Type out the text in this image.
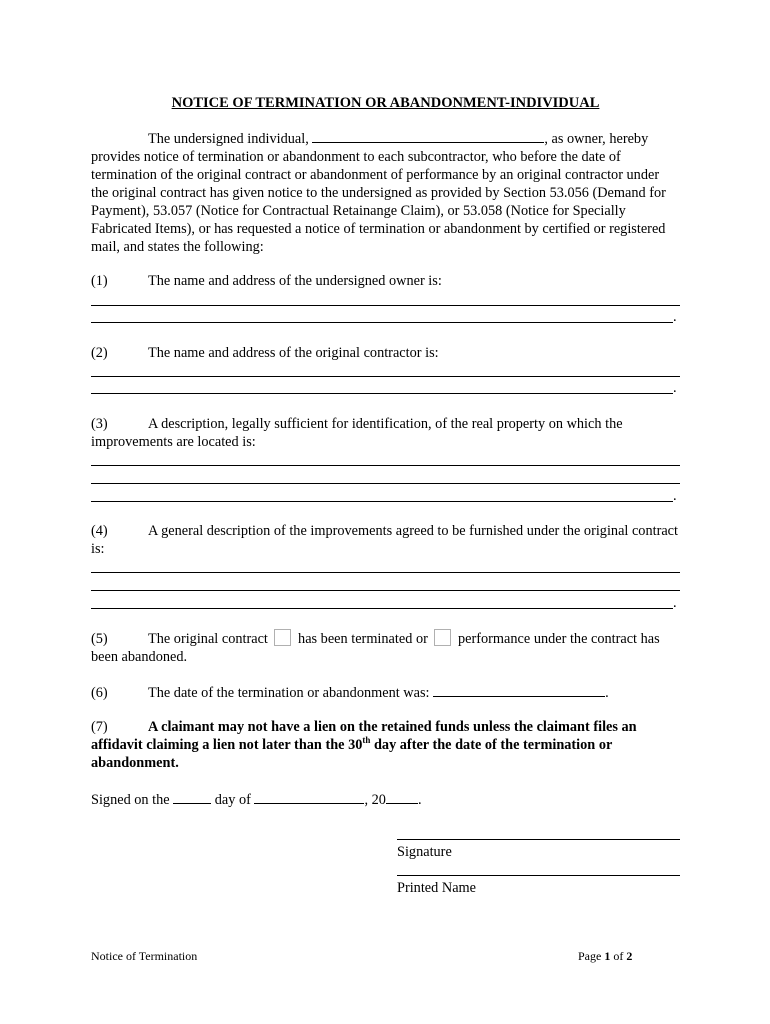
NOTICE OF TERMINATION OR ABANDONMENT-INDIVIDUAL
The undersigned individual,	, as owner, hereby provides notice of termination or abandonment to each subcontractor, who before the date of termination of the original contract or abandonment of performance by an original contractor under the original contract has given notice to the undersigned as provided by Section 53.056 (Demand for Payment), 53.057 (Notice for Contractual Retainange Claim), or 53.058 (Notice for Specially Fabricated Items), or has requested a notice of termination or abandonment by certified or registered mail, and states the following:
(1)	The name and address of the undersigned owner is:
.
(2)	The name and address of the original contractor is:
.
(3)	A description, legally sufficient for identification, of the real property on which the improvements are located is:
.
(4)	A general description of the improvements agreed to be furnished under the original contract is:
.
(5)	The original contract  has been terminated or  performance under the contract has been abandoned.
(6)	The date of the termination or abandonment was:	.
(7)	A claimant may not have a lien on the retained funds unless the claimant files an affidavit claiming a lien not later than the 30th day after the date of the termination or abandonment.
Signed on the	day of	, 20 .
Signature
Printed Name
Notice of Termination	Page 1 of 2
